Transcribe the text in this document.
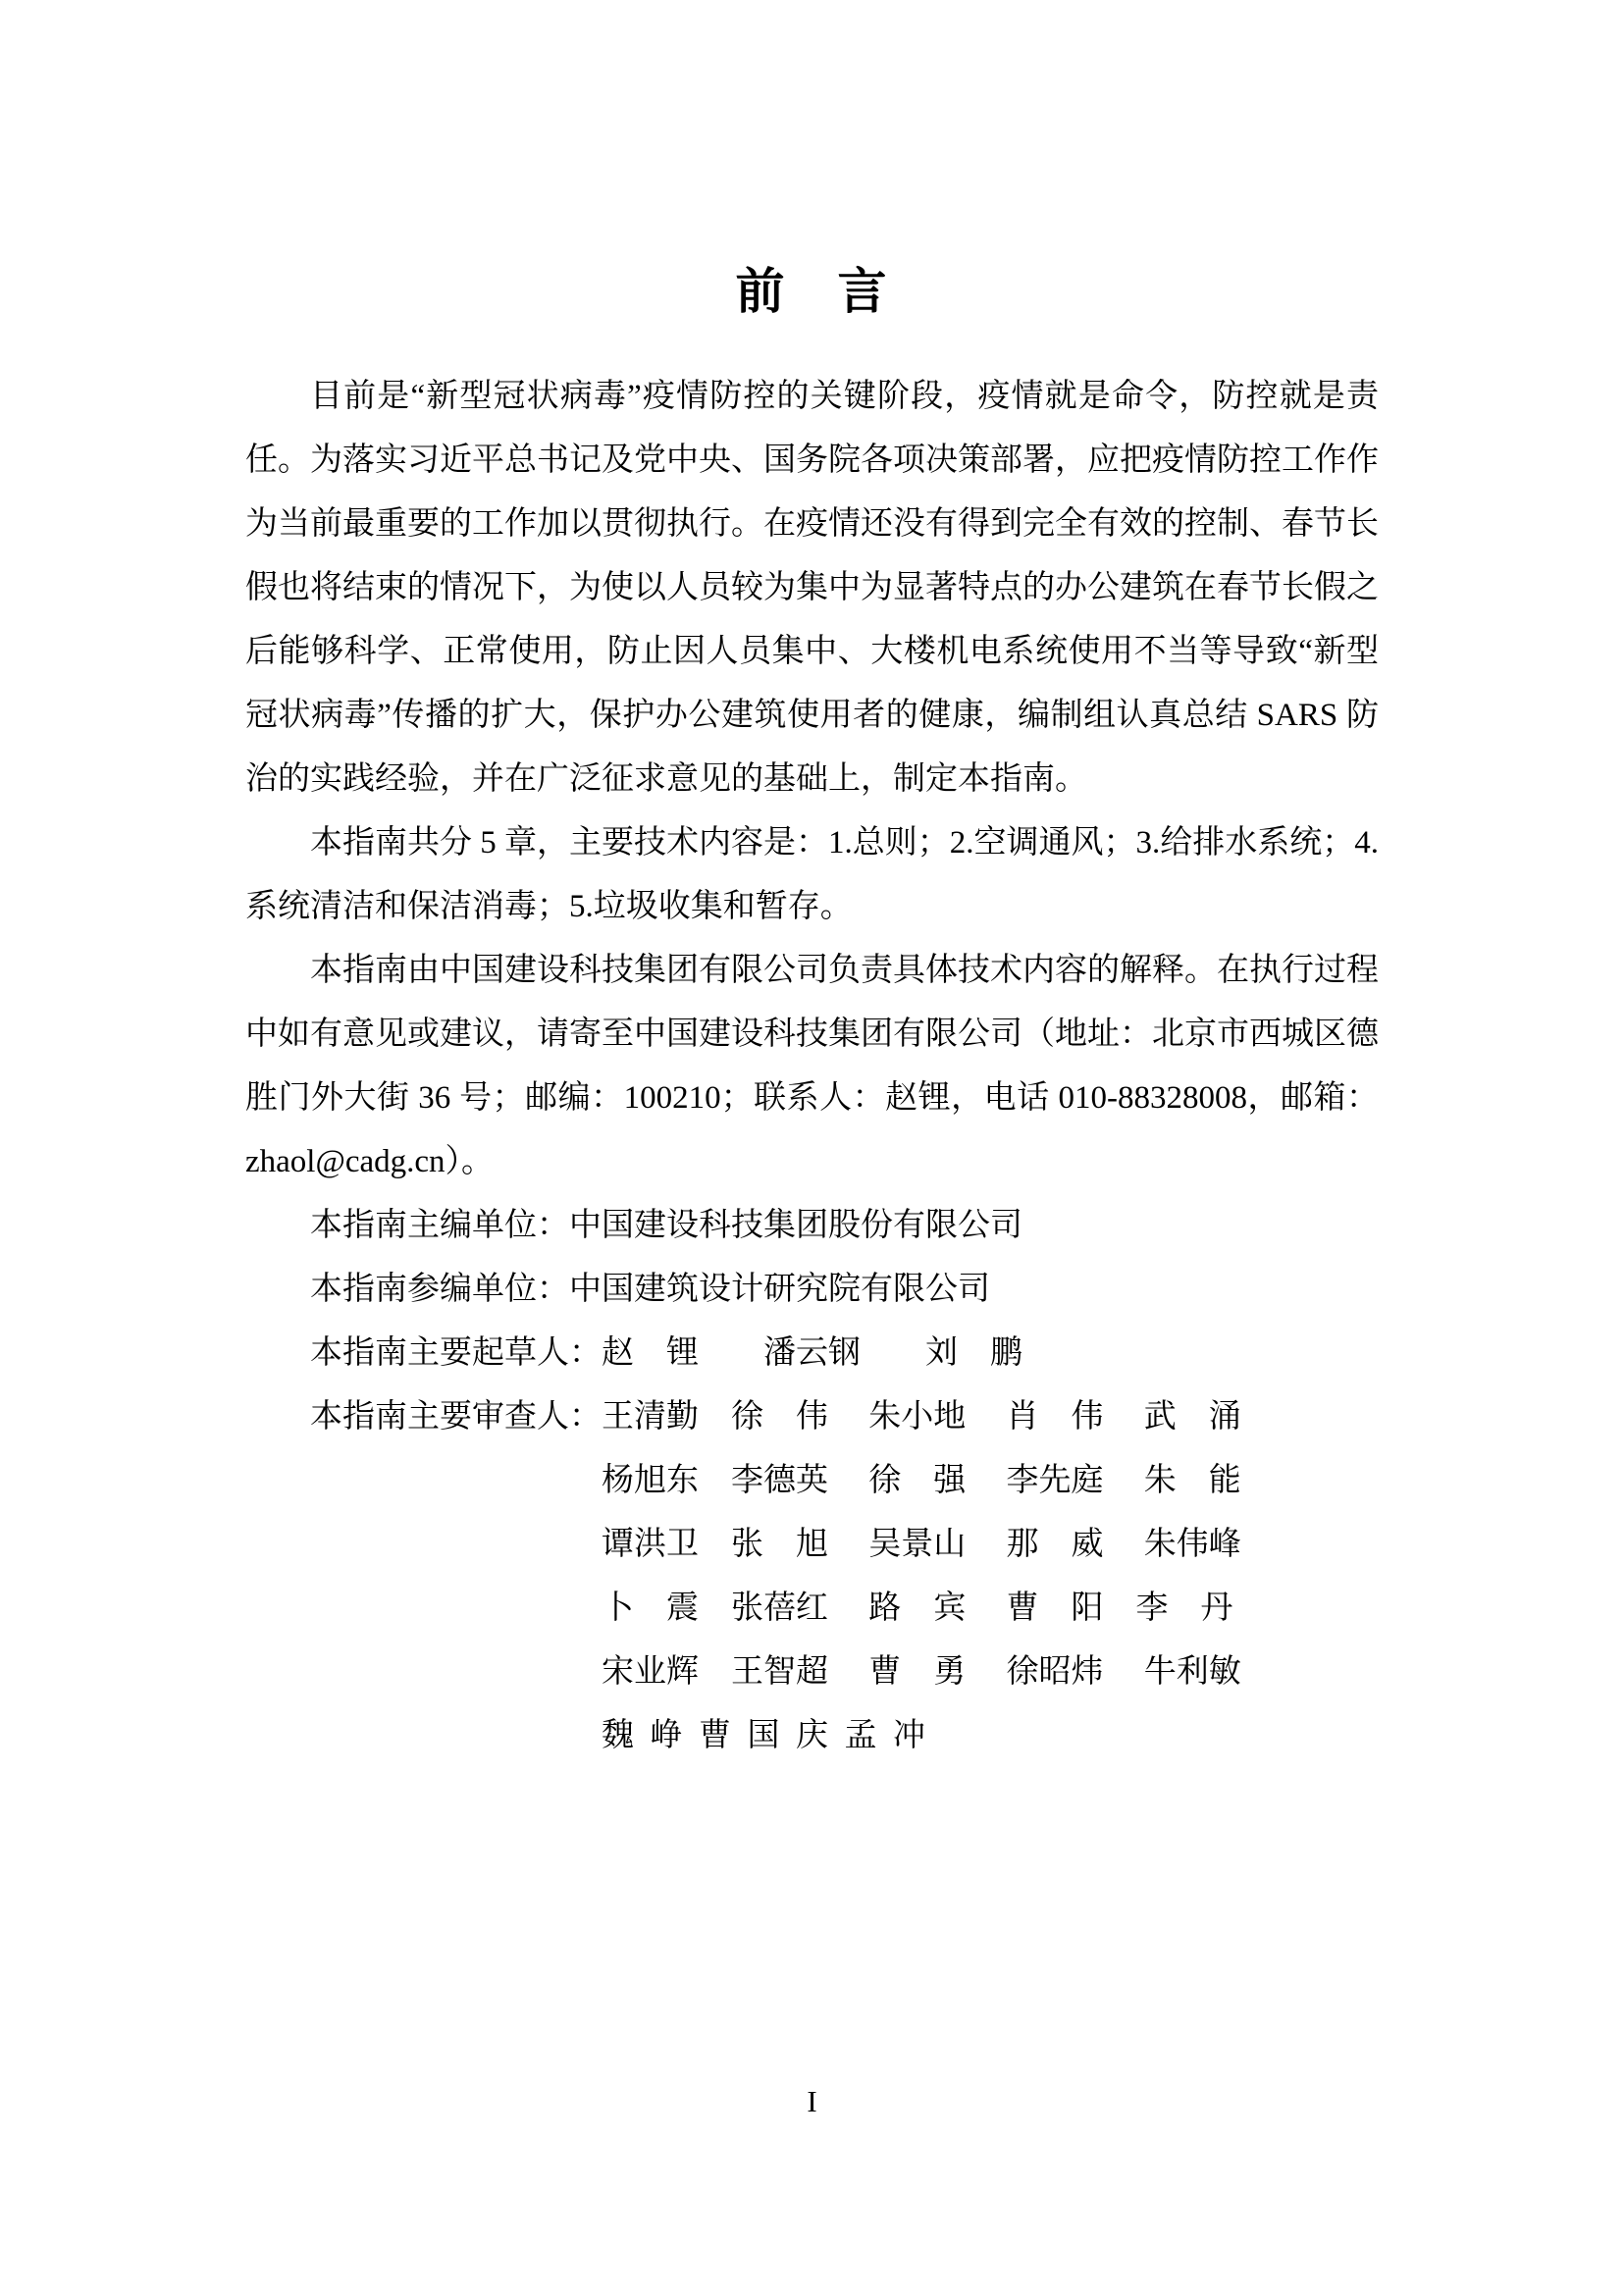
前　言

目前是“新型冠状病毒”疫情防控的关键阶段，疫情就是命令，防控就是责任。为落实习近平总书记及党中央、国务院各项决策部署，应把疫情防控工作作为当前最重要的工作加以贯彻执行。在疫情还没有得到完全有效的控制、春节长假也将结束的情况下，为使以人员较为集中为显著特点的办公建筑在春节长假之后能够科学、正常使用，防止因人员集中、大楼机电系统使用不当等导致“新型冠状病毒”传播的扩大，保护办公建筑使用者的健康，编制组认真总结 SARS 防治的实践经验，并在广泛征求意见的基础上，制定本指南。

本指南共分 5 章，主要技术内容是：1.总则；2.空调通风；3.给排水系统；4.系统清洁和保洁消毒；5.垃圾收集和暂存。

本指南由中国建设科技集团有限公司负责具体技术内容的解释。在执行过程中如有意见或建议，请寄至中国建设科技集团有限公司（地址：北京市西城区德胜门外大街 36 号；邮编：100210；联系人：赵锂，电话 010-88328008，邮箱：zhaol@cadg.cn）。

本指南主编单位： 中国建设科技集团股份有限公司
本指南参编单位： 中国建筑设计研究院有限公司
本指南主要起草人： 赵　锂　　潘云钢　　刘　鹏
本指南主要审查人： 王清勤　徐　伟　 朱小地　 肖　伟　 武　涌
杨旭东　李德英　 徐　强　 李先庭　 朱　能
谭洪卫　张　旭　 吴景山　 那　威　 朱伟峰
卜　震　张蓓红　 路　宾　 曹　阳　李　丹
宋业辉　王智超　 曹　勇　 徐昭炜　 牛利敏
魏  峥  曹  国  庆  孟  冲
I
